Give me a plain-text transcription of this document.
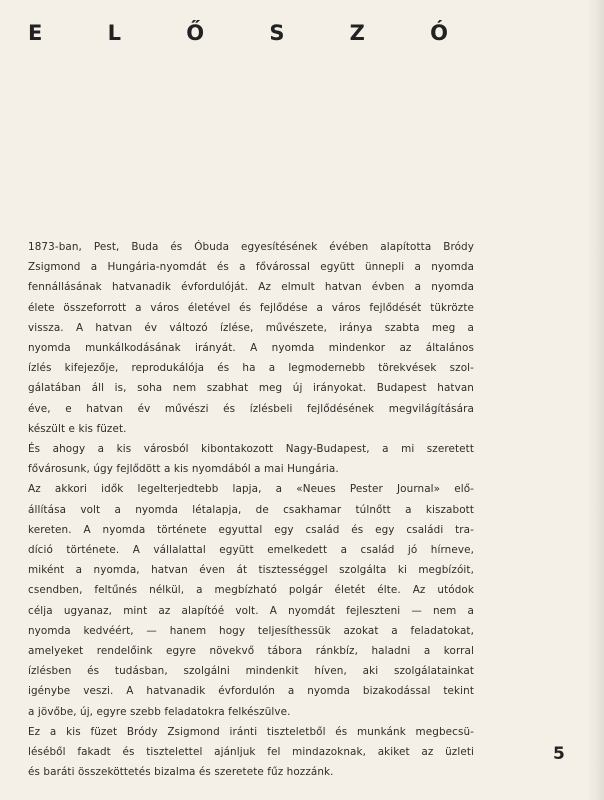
E	L	Ő	S	Z	Ó
1873-ban, Pest, Buda és Óbuda egyesítésének évében alapította Bródy
Zsigmond a Hungária-nyomdát és a fővárossal együtt ünnepli a nyomda
fennállásának hatvanadik évfordulóját. Az elmult hatvan évben a nyomda
élete összeforrott a város életével és fejlődése a város fejlődését tükrözte
vissza. A hatvan év változó ízlése, művészete, iránya szabta meg a
nyomda munkálkodásának irányát. A nyomda mindenkor az általános
ízlés kifejezője, reprodukálója és ha a legmodernebb törekvések szol-
gálatában áll is, soha nem szabhat meg új irányokat. Budapest hatvan
éve, e hatvan év művészi és ízlésbeli fejlődésének megvilágítására
készült e kis füzet.
És ahogy a kis városból kibontakozott Nagy-Budapest, a mi szeretett
fővárosunk, úgy fejlődött a kis nyomdából a mai Hungária.
Az akkori idők legelterjedtebb lapja, a «Neues Pester Journal» elő-
állítása volt a nyomda létalapja, de csakhamar túlnőtt a kiszabott
kereten. A nyomda története egyuttal egy család és egy családi tra-
díció története. A vállalattal együtt emelkedett a család jó hírneve,
miként a nyomda, hatvan éven át tisztességgel szolgálta ki megbízóit,
csendben, feltűnés nélkül, a megbízható polgár életét élte. Az utódok
célja ugyanaz, mint az alapítóé volt. A nyomdát fejleszteni — nem a
nyomda kedvéért, — hanem hogy teljesíthessük azokat a feladatokat,
amelyeket rendelőink egyre növekvő tábora ránkbíz, haladni a korral
ízlésben és tudásban, szolgálni mindenkit híven, aki szolgálatainkat
igénybe veszi. A hatvanadik évfordulón a nyomda bizakodással tekint
a jövőbe, új, egyre szebb feladatokra felkészülve.
Ez a kis füzet Bródy Zsigmond iránti tiszteletből és munkánk megbecsü-
léséből fakadt és tisztelettel ajánljuk fel mindazoknak, akiket az üzleti
és baráti összeköttetés bizalma és szeretete fűz hozzánk.
5
